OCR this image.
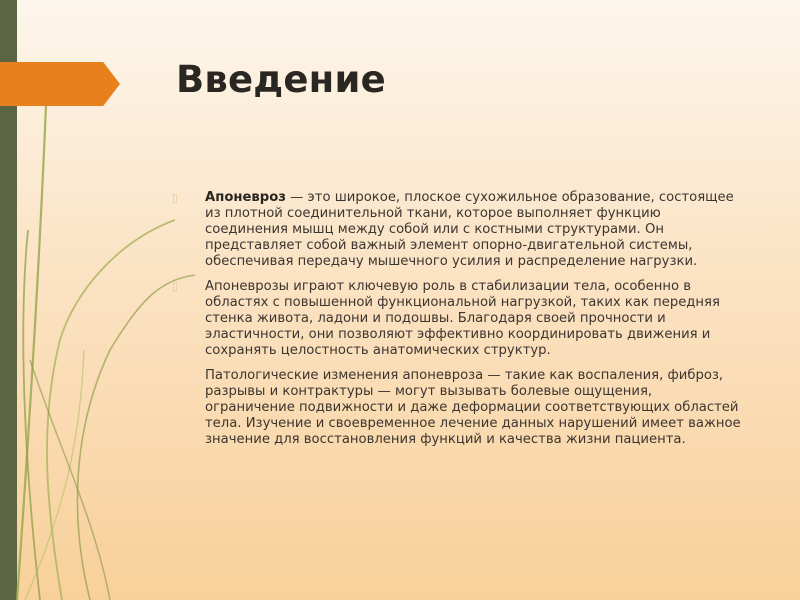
Введение

▯ Апоневроз — это широкое, плоское сухожильное образование, состоящее из плотной соединительной ткани, которое выполняет функцию соединения мышц между собой или с костными структурами. Он представляет собой важный элемент опорно-двигательной системы, обеспечивая передачу мышечного усилия и распределение нагрузки.

▯ Апоневрозы играют ключевую роль в стабилизации тела, особенно в областях с повышенной функциональной нагрузкой, таких как передняя стенка живота, ладони и подошвы. Благодаря своей прочности и эластичности, они позволяют эффективно координировать движения и сохранять целостность анатомических структур.

Патологические изменения апоневроза — такие как воспаления, фиброз, разрывы и контрактуры — могут вызывать болевые ощущения, ограничение подвижности и даже деформации соответствующих областей тела. Изучение и своевременное лечение данных нарушений имеет важное значение для восстановления функций и качества жизни пациента.
